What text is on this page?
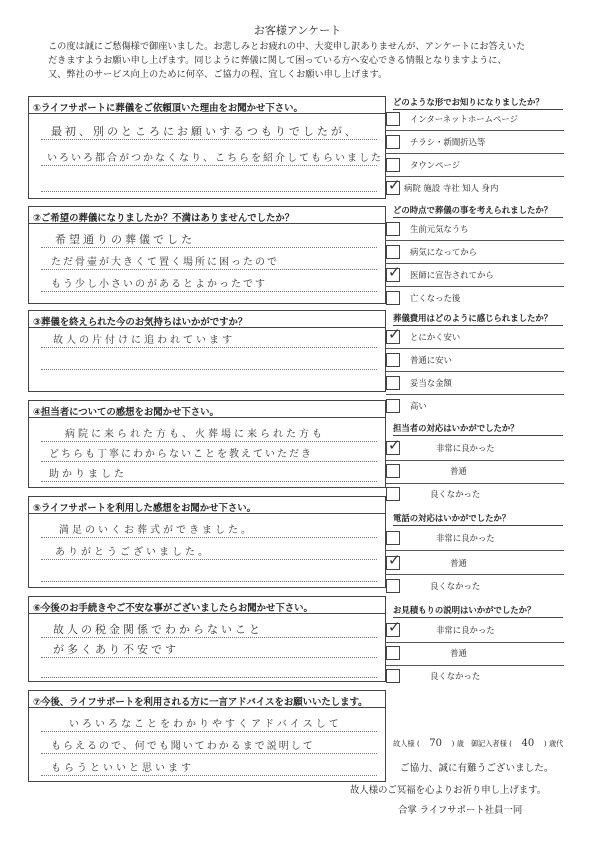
お客様アンケート
この度は誠にご愁傷様で御座いました。お悲しみとお疲れの中、大変申し訳ありませんが、アンケートにお答えいた
だきますようお願い申し上げます。同じように葬儀に関して困っている方へ安心できる情報となりますように、
又、弊社のサービス向上のために何卒、ご協力の程、宜しくお願い申し上げます。
①ライフサポートに葬儀をご依頼頂いた理由をお聞かせ下さい。
最初、別のところにお願いするつもりでしたが、
いろいろ都合がつかなくなり、こちらを紹介してもらいました
②ご希望の葬儀になりましたか？不満はありませんでしたか？
希望通りの葬儀でした
ただ骨壷が大きくて置く場所に困ったので
もう少し小さいのがあるとよかったです
③葬儀を終えられた今のお気持ちはいかがですか？
故人の片付けに追われています
④担当者についての感想をお聞かせ下さい。
病院に来られた方も、火葬場に来られた方も
どちらも丁寧にわからないことを教えていただき
助かりました
⑤ライフサポートを利用した感想をお聞かせ下さい。
満足のいくお葬式ができました。
ありがとうございました。
⑥今後のお手続きやご不安な事がございましたらお聞かせ下さい。
故人の税金関係でわからないこと
が多くあり不安です
⑦今後、ライフサポートを利用される方に一言アドバイスをお願いいたします。
いろいろなことをわかりやすくアドバイスして
もらえるので、何でも聞いてわかるまで説明して
もらうといいと思います
どのような形でお知りになりましたか？
インターネットホームページ
チラシ・新聞折込等
タウンページ
✓ 病院 施設 寺社 知人 身内
どの時点で葬儀の事を考えられましたか？
生前元気なうち
病気になってから
✓ 医師に宣告されてから
亡くなった後
葬儀費用はどのように感じられましたか？
✓ とにかく安い
普通に安い
妥当な金額
高い
担当者の対応はいかがでしたか？
✓	非常に良かった
普通
良くなかった
電話の対応はいかがでしたか？
非常に良かった
✓	普通
良くなかった
お見積もりの説明はいかがでしたか？
✓	非常に良かった
普通
良くなかった
故人様 ( 70 ) 歳 御記入者様 ( 40 ) 歳代
ご協力、誠に有難うございました。
故人様のご冥福を心よりお祈り申し上げます。
合掌 ライフサポート社員一同
